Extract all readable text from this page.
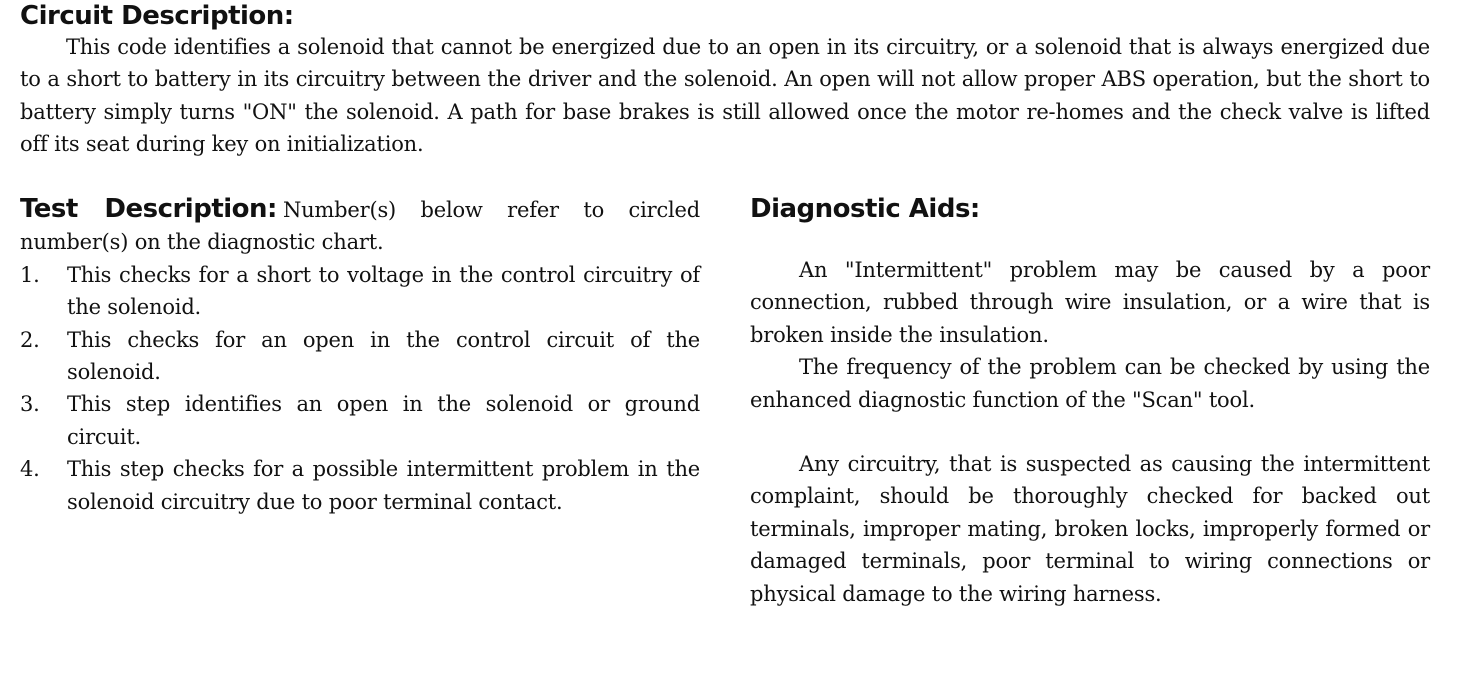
Circuit Description:

This code identifies a solenoid that cannot be energized due to an open in its circuitry, or a solenoid that is always energized due to a short to battery in its circuitry between the driver and the solenoid. An open will not allow proper ABS operation, but the short to battery simply turns "ON" the solenoid. A path for base brakes is still allowed once the motor re-homes and the check valve is lifted off its seat during key on initialization.

Test Description: Number(s) below refer to circled number(s) on the diagnostic chart.

1. This checks for a short to voltage in the control circuitry of the solenoid.
2. This checks for an open in the control circuit of the solenoid.
3. This step identifies an open in the solenoid or ground circuit.
4. This step checks for a possible intermittent problem in the solenoid circuitry due to poor terminal contact.
Diagnostic Aids:

An "Intermittent" problem may be caused by a poor connection, rubbed through wire insulation, or a wire that is broken inside the insulation.

The frequency of the problem can be checked by using the enhanced diagnostic function of the "Scan" tool.

Any circuitry, that is suspected as causing the intermittent complaint, should be thoroughly checked for backed out terminals, improper mating, broken locks, improperly formed or damaged terminals, poor terminal to wiring connections or physical damage to the wiring harness.
